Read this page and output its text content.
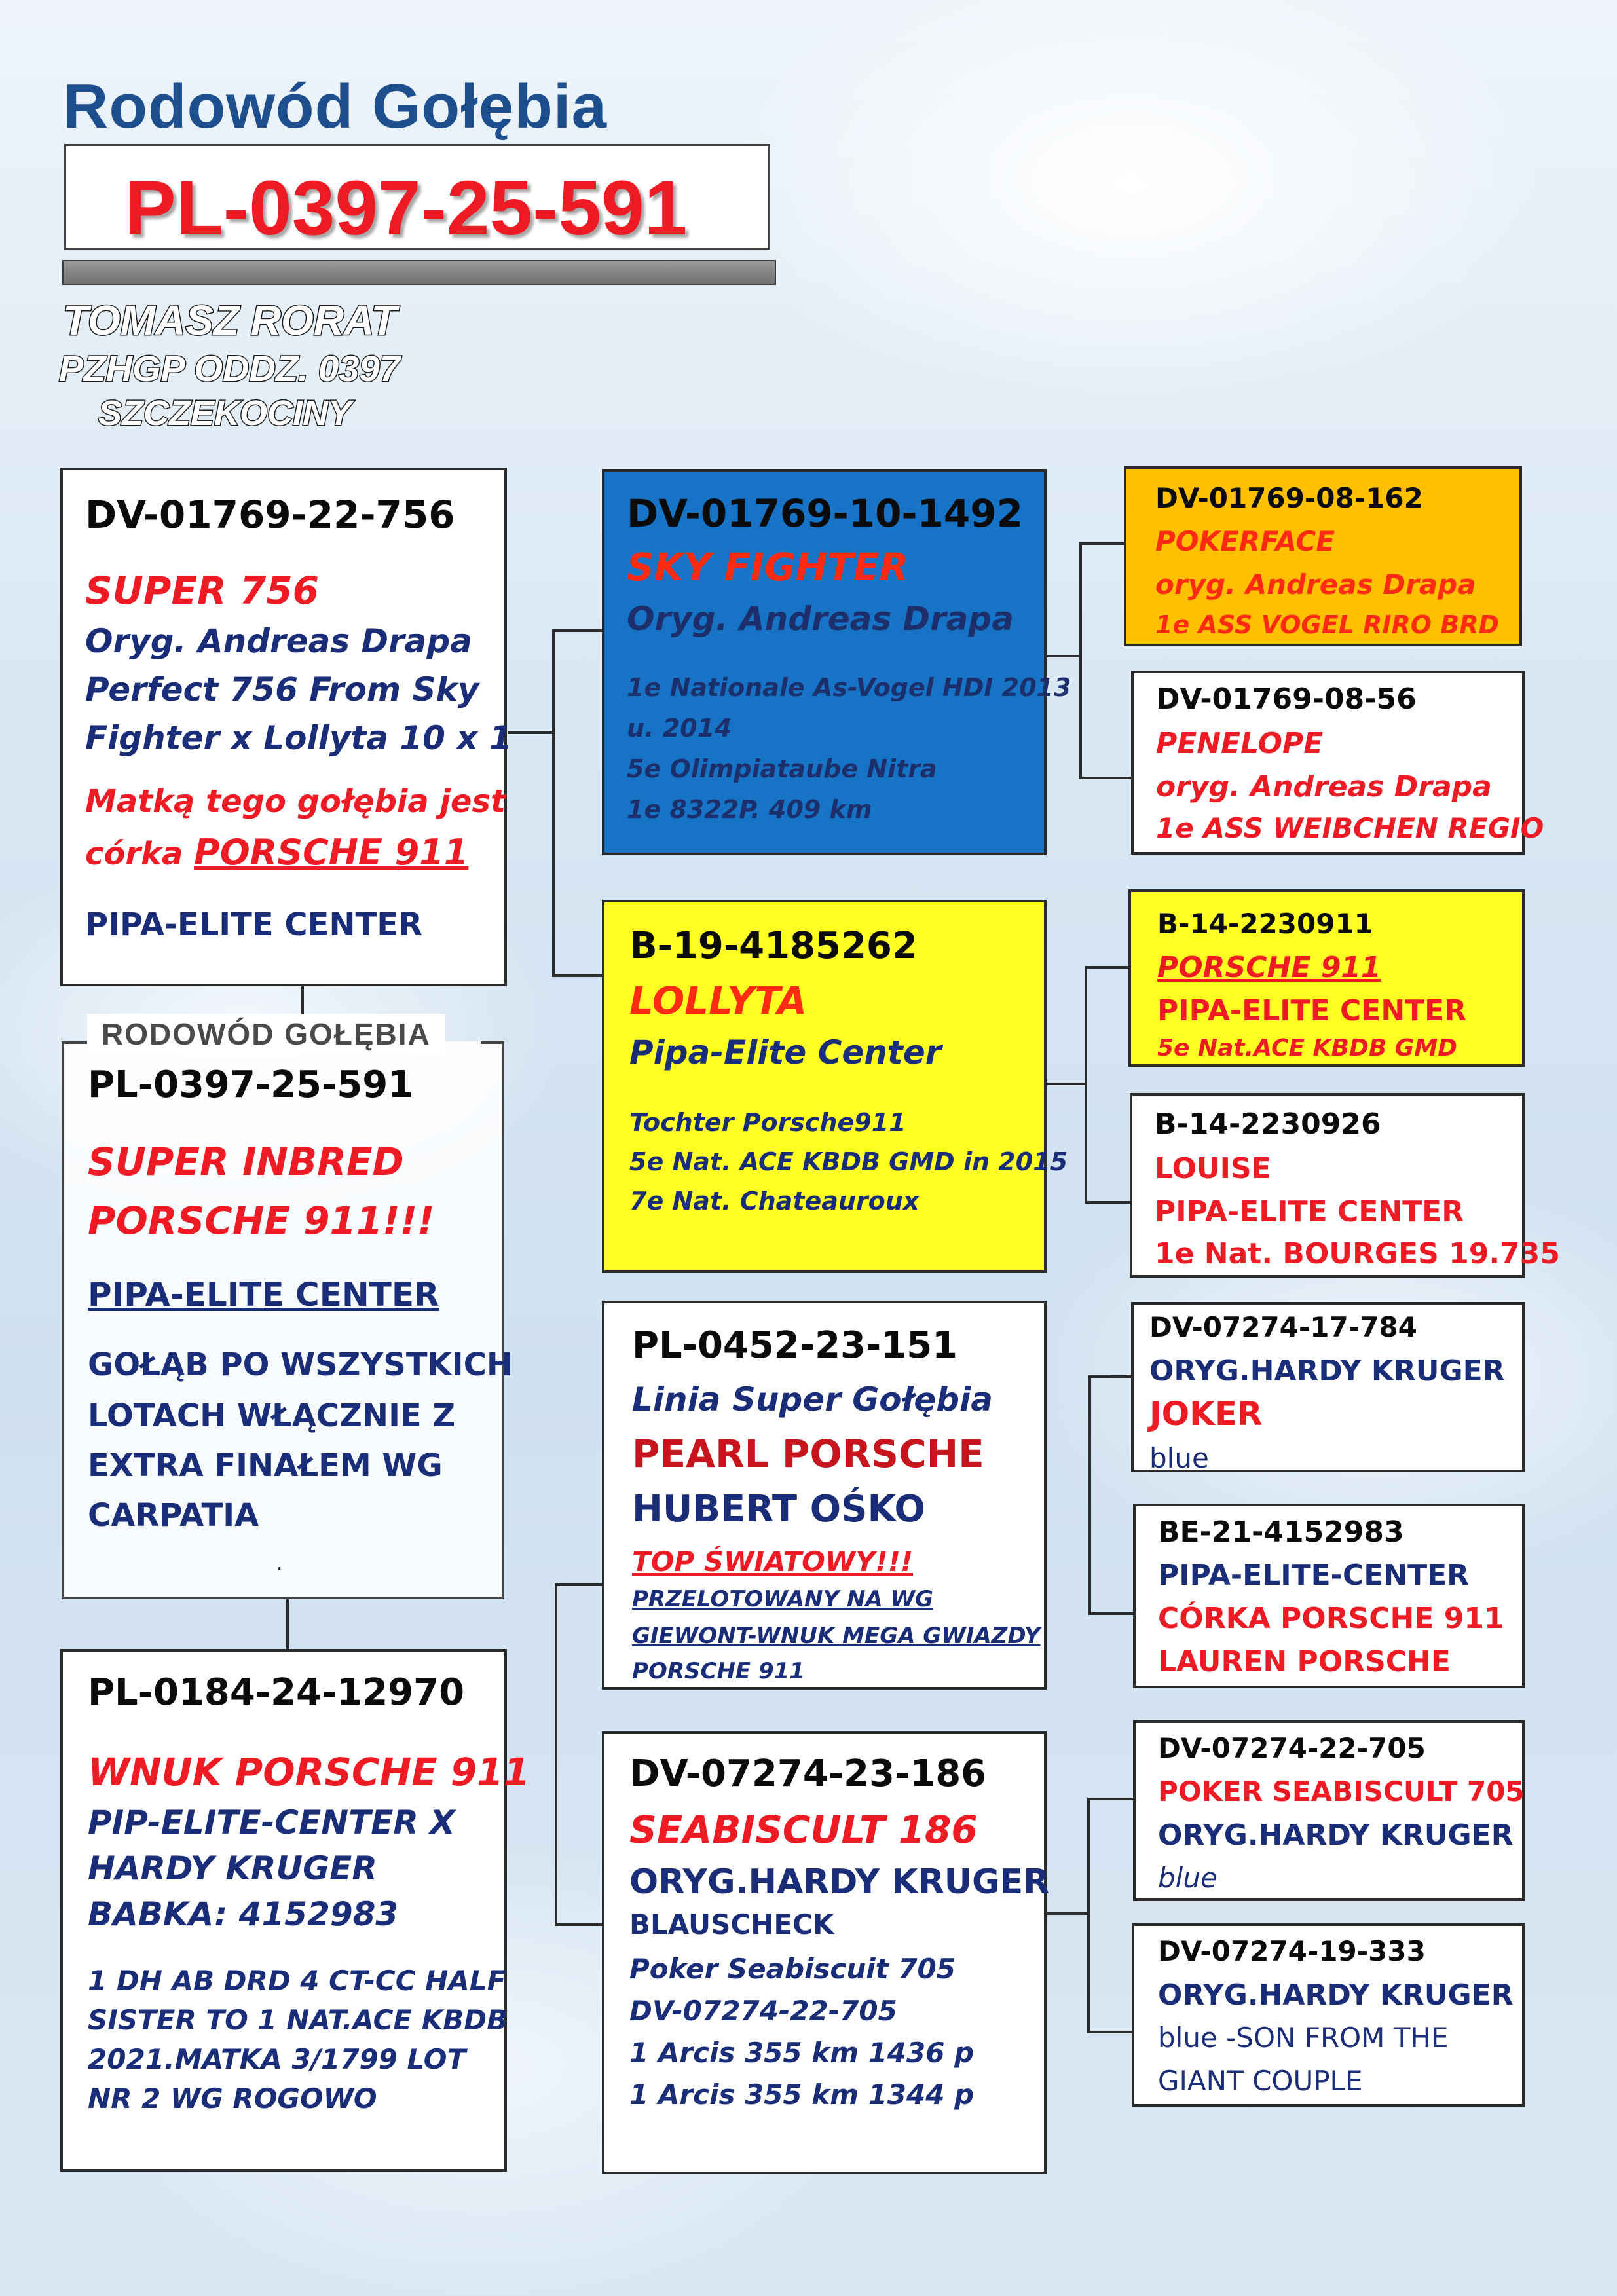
Rodowód Gołębia
PL-0397-25-591
TOMASZ RORAT
PZHGP ODDZ. 0397
SZCZEKOCINY
DV-01769-22-756
SUPER 756
Oryg. Andreas Drapa
Perfect 756 From Sky
Fighter x Lollyta 10 x 1
Matką tego gołębia jest
córka PORSCHE 911
PIPA-ELITE CENTER
PL-0397-25-591
SUPER INBRED
PORSCHE 911!!!
PIPA-ELITE CENTER
GOŁĄB PO WSZYSTKICH
LOTACH WŁĄCZNIE Z
EXTRA FINAŁEM WG
CARPATIA
.
RODOWÓD GOŁĘBIA
PL-0184-24-12970
WNUK PORSCHE 911
PIP-ELITE-CENTER X
HARDY KRUGER
BABKA: 4152983
1 DH AB DRD 4 CT-CC HALF
SISTER TO 1 NAT.ACE KBDB
2021.MATKA 3/1799 LOT
NR 2 WG ROGOWO
DV-01769-10-1492
SKY FIGHTER
Oryg. Andreas Drapa
1e Nationale As-Vogel HDI 2013
u. 2014
5e Olimpiataube Nitra
1e 8322P. 409 km
B-19-4185262
LOLLYTA
Pipa-Elite Center
Tochter Porsche911
5e Nat. ACE KBDB GMD in 2015
7e Nat. Chateauroux
PL-0452-23-151
Linia Super Gołębia
PEARL PORSCHE
HUBERT OŚKO
TOP ŚWIATOWY!!!
PRZELOTOWANY NA WG
GIEWONT-WNUK MEGA GWIAZDY
PORSCHE 911
DV-07274-23-186
SEABISCULT 186
ORYG.HARDY KRUGER
BLAUSCHECK
Poker Seabiscuit 705
DV-07274-22-705
1 Arcis 355 km 1436 p
1 Arcis 355 km 1344 p
DV-01769-08-162
POKERFACE
oryg. Andreas Drapa
1e ASS VOGEL RIRO BRD
DV-01769-08-56
PENELOPE
oryg. Andreas Drapa
1e ASS WEIBCHEN REGIO
B-14-2230911
PORSCHE 911
PIPA-ELITE CENTER
5e Nat.ACE KBDB GMD
B-14-2230926
LOUISE
PIPA-ELITE CENTER
1e Nat. BOURGES 19.735
DV-07274-17-784
ORYG.HARDY KRUGER
JOKER
blue
BE-21-4152983
PIPA-ELITE-CENTER
CÓRKA PORSCHE 911
LAUREN PORSCHE
DV-07274-22-705
POKER SEABISCULT 705
ORYG.HARDY KRUGER
blue
DV-07274-19-333
ORYG.HARDY KRUGER
blue -SON FROM THE
GIANT COUPLE
